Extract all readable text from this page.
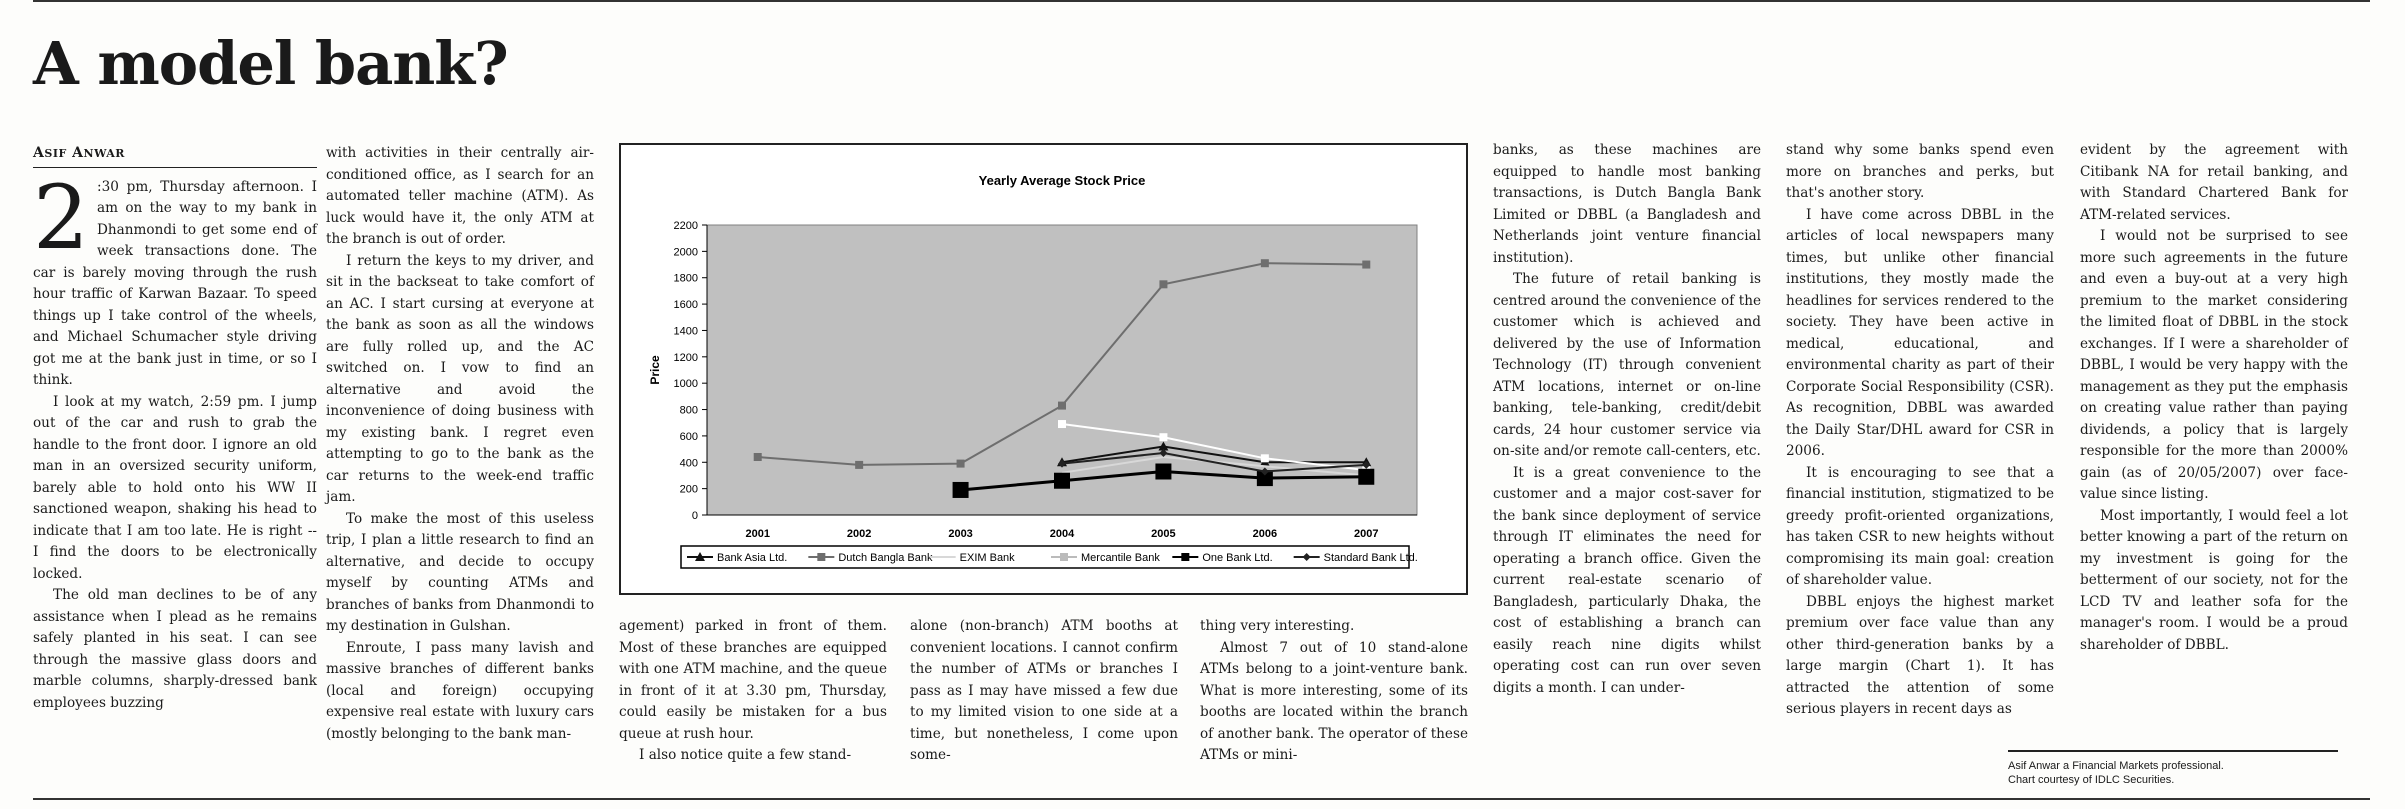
A model bank?
ASIF ANWAR

2 :30 pm, Thursday afternoon. I am on the way to my bank in Dhanmondi to get some end of week transactions done. The car is barely moving through the rush hour traffic of Karwan Bazaar. To speed things up I take control of the wheels, and Michael Schumacher style driving got me at the bank just in time, or so I think.

I look at my watch, 2:59 pm. I jump out of the car and rush to grab the handle to the front door. I ignore an old man in an oversized security uniform, barely able to hold onto his WW II sanctioned weapon, shaking his head to indicate that I am too late. He is right -- I find the doors to be electronically locked.

The old man declines to be of any assistance when I plead as he remains safely planted in his seat. I can see through the massive glass doors and marble columns, sharply-dressed bank employees buzzing

with activities in their centrally air-conditioned office, as I search for an automated teller machine (ATM). As luck would have it, the only ATM at the branch is out of order.

I return the keys to my driver, and sit in the backseat to take comfort of an AC. I start cursing at everyone at the bank as soon as all the windows are fully rolled up, and the AC switched on. I vow to find an alternative and avoid the inconvenience of doing business with my existing bank. I regret even attempting to go to the bank as the car returns to the week-end traffic jam.

To make the most of this useless trip, I plan a little research to find an alternative, and decide to occupy myself by counting ATMs and branches of banks from Dhanmondi to my destination in Gulshan.

Enroute, I pass many lavish and massive branches of different banks (local and foreign) occupying expensive real estate with luxury cars (mostly belonging to the bank man-

Yearly Average Stock Price
0
200
400
600
800
1000
1200
1400
1600
1800
2000
2200
2001	2002	2003	2004	2005	2006	2007
Price
Bank Asia Ltd.	Dutch Bangla Bank EXIM Bank	Mercantile Bank	One Bank Ltd.	Standard Bank Ltd.

agement) parked in front of them. Most of these branches are equipped with one ATM machine, and the queue in front of it at 3.30 pm, Thursday, could easily be mistaken for a bus queue at rush hour.

I also notice quite a few stand-

alone (non-branch) ATM booths at convenient locations. I cannot confirm the number of ATMs or branches I pass as I may have missed a few due to my limited vision to one side at a time, but nonetheless, I come upon some-

thing very interesting.

Almost 7 out of 10 stand-alone ATMs belong to a joint-venture bank. What is more interesting, some of its booths are located within the branch of another bank. The operator of these ATMs or mini-

banks, as these machines are equipped to handle most banking transactions, is Dutch Bangla Bank Limited or DBBL (a Bangladesh and Netherlands joint venture financial institution).

The future of retail banking is centred around the convenience of the customer which is achieved and delivered by the use of Information Technology (IT) through convenient ATM locations, internet or on-line banking, tele-banking, credit/debit cards, 24 hour customer service via on-site and/or remote call-centers, etc.

It is a great convenience to the customer and a major cost-saver for the bank since deployment of service through IT eliminates the need for operating a branch office. Given the current real-estate scenario of Bangladesh, particularly Dhaka, the cost of establishing a branch can easily reach nine digits whilst operating cost can run over seven digits a month. I can under-

stand why some banks spend even more on branches and perks, but that's another story.

I have come across DBBL in the articles of local newspapers many times, but unlike other financial institutions, they mostly made the headlines for services rendered to the society. They have been active in medical, educational, and environmental charity as part of their Corporate Social Responsibility (CSR). As recognition, DBBL was awarded the Daily Star/DHL award for CSR in 2006.

It is encouraging to see that a financial institution, stigmatized to be greedy profit-oriented organizations, has taken CSR to new heights without compromising its main goal: creation of shareholder value.

DBBL enjoys the highest market premium over face value than any other third-generation banks by a large margin (Chart 1). It has attracted the attention of some serious players in recent days as

evident by the agreement with Citibank NA for retail banking, and with Standard Chartered Bank for ATM-related services.

I would not be surprised to see more such agreements in the future and even a buy-out at a very high premium to the market considering the limited float of DBBL in the stock exchanges. If I were a shareholder of DBBL, I would be very happy with the management as they put the emphasis on creating value rather than paying dividends, a policy that is largely responsible for the more than 2000% gain (as of 20/05/2007) over face-value since listing.

Most importantly, I would feel a lot better knowing a part of the return on my investment is going for the betterment of our society, not for the LCD TV and leather sofa for the manager's room. I would be a proud shareholder of DBBL.

Asif Anwar a Financial Markets professional.
Chart courtesy of IDLC Securities.
